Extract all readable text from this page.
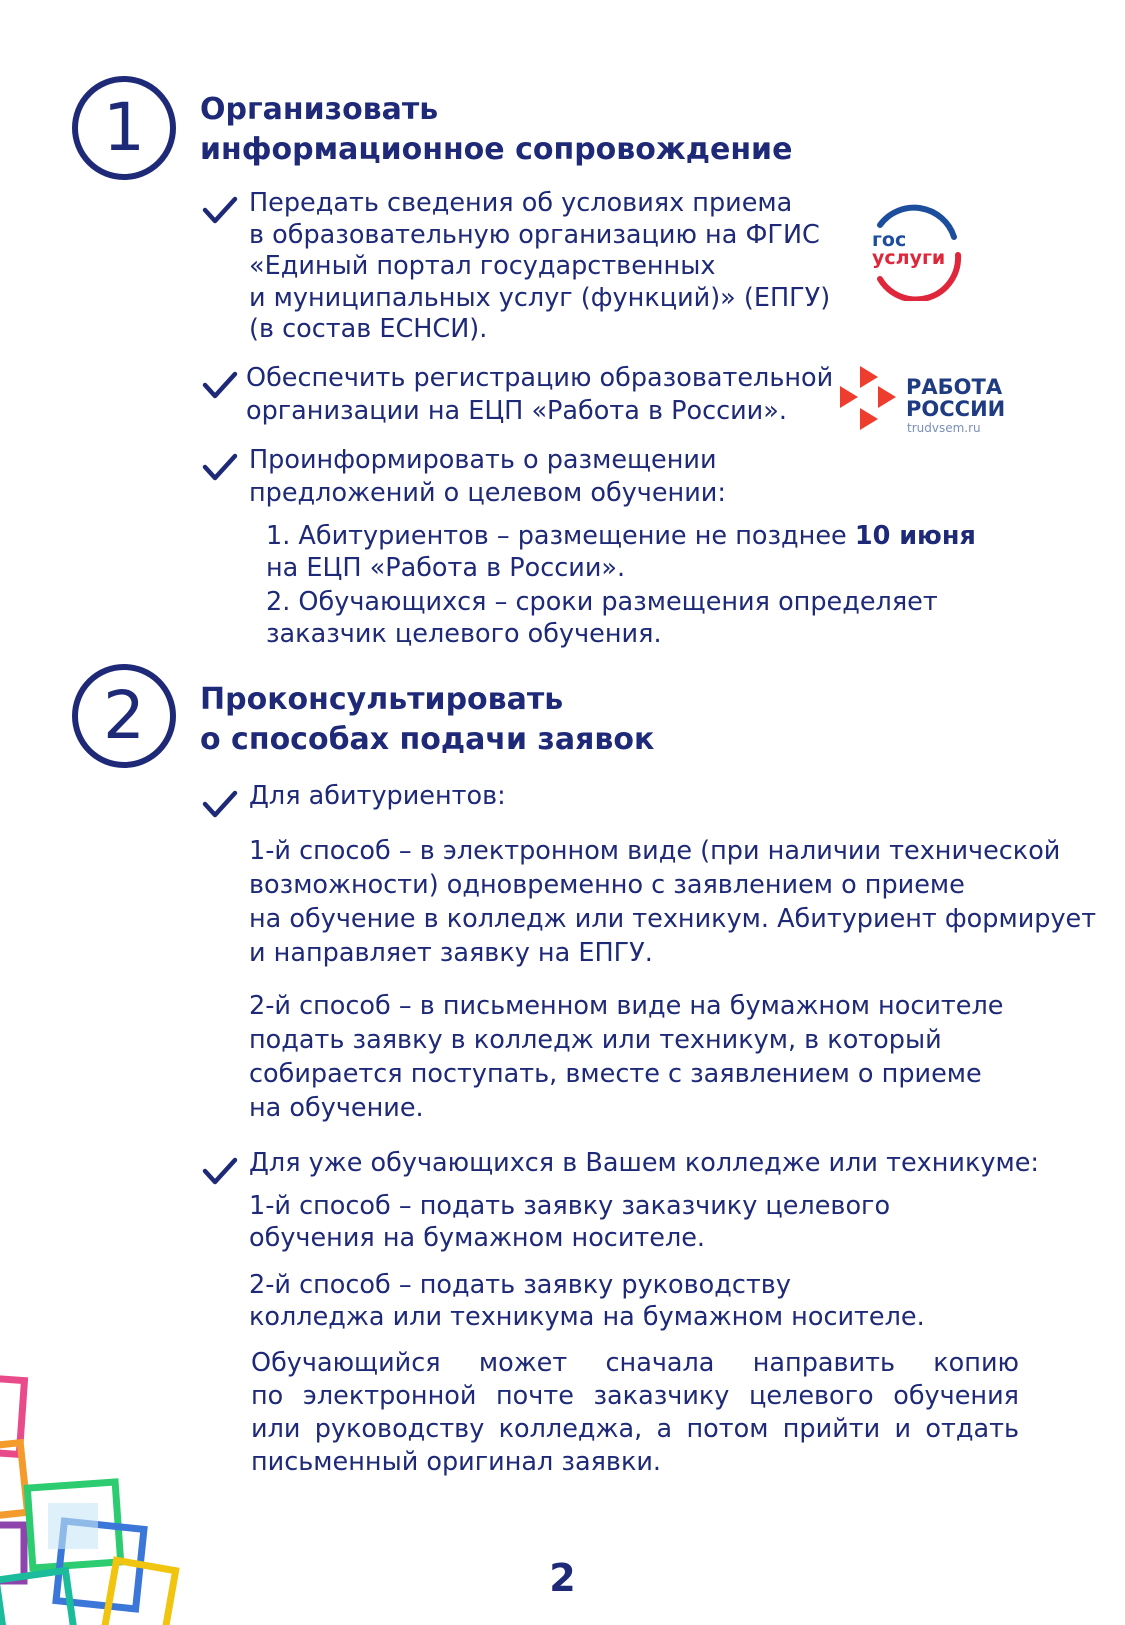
1 Организовать
информационное сопровождение
Передать сведения об условиях приема
в образовательную организацию на ФГИС
«Единый портал государственных
и муниципальных услуг (функций)» (ЕПГУ)
(в состав ЕСНСИ).
гос
услуги
Обеспечить регистрацию образовательной
организации на ЕЦП «Работа в России».
РАБОТА
РОССИИ
trudvsem.ru
Проинформировать о размещении
предложений о целевом обучении:
1. Абитуриентов – размещение не позднее 10 июня
на ЕЦП «Работа в России».
2. Обучающихся – сроки размещения определяет
заказчик целевого обучения.
2 Проконсультировать
о способах подачи заявок
Для абитуриентов:
1-й способ – в электронном виде (при наличии технической
возможности) одновременно с заявлением о приеме
на обучение в колледж или техникум. Абитуриент формирует
и направляет заявку на ЕПГУ.
2-й способ – в письменном виде на бумажном носителе
подать заявку в колледж или техникум, в который
собирается поступать, вместе с заявлением о приеме
на обучение.
Для уже обучающихся в Вашем колледже или техникуме:
1-й способ – подать заявку заказчику целевого
обучения на бумажном носителе.
2-й способ – подать заявку руководству
колледжа или техникума на бумажном носителе.
Обучающийся может сначала направить копию
по электронной почте заказчику целевого обучения
или руководству колледжа, а потом прийти и отдать
письменный оригинал заявки.
2
